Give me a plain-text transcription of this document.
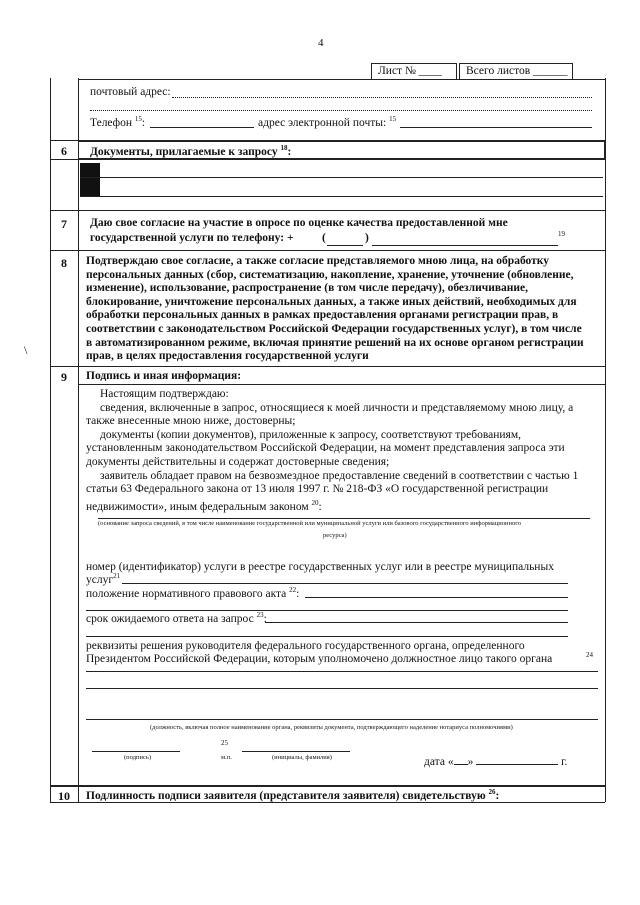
4
Лист № ____ Всего листов ______
почтовый адрес:
Телефон $^{15}$:	адрес электронной почты: $^{15}$
6	Документы, прилагаемые к запросу $^{18}$:
7	Даю свое согласие на участие в опросе по оценке качества предоставленной мне
государственной услуги по телефону: + (	)	19
8	Подтверждаю свое согласие, а также согласие представляемого мною лица, на обработку
персональных данных (сбор, систематизацию, накопление, хранение, уточнение (обновление,
изменение), использование, распространение (в том числе передачу), обезличивание,
блокирование, уничтожение персональных данных, а также иных действий, необходимых для
обработки персональных данных в рамках предоставления органами регистрации прав, в
соответствии с законодательством Российской Федерации государственных услуг), в том числе
в автоматизированном режиме, включая принятие решений на их основе органом регистрации
прав, в целях предоставления государственной услуги
\
9	Подпись и иная информация:
Настоящим подтверждаю:
сведения, включенные в запрос, относящиеся к моей личности и представляемому мною лицу, а
также внесенные мною ниже, достоверны;
документы (копии документов), приложенные к запросу, соответствуют требованиям,
установленным законодательством Российской Федерации, на момент представления запроса эти
документы действительны и содержат достоверные сведения;
заявитель обладает правом на безвозмездное предоставление сведений в соответствии с частью 1
статьи 63 Федерального закона от 13 июля 1997 г. № 218-ФЗ «О государственной регистрации
недвижимости», иным федеральным законом $^{20}$:
(основание запроса сведений, в том числе наименование государственной или муниципальной услуги или базового государственного информационного
ресурса)
номер (идентификатор) услуги в реестре государственных услуг или в реестре муниципальных
услуг$^{21}$
положение нормативного правового акта $^{22}$:
срок ожидаемого ответа на запрос $^{23}$:
реквизиты решения руководителя федерального государственного органа, определенного
Президентом Российской Федерации, которым уполномочено должностное лицо такого органа	24
(должность, включая полное наименование органа, реквизиты документа, подтверждающего наделение нотариуса полномочиями)
25
(подпись)	м.п.	(инициалы, фамилия)	дата « »	г.
10	Подлинность подписи заявителя (представителя заявителя) свидетельствую $^{26}$:
